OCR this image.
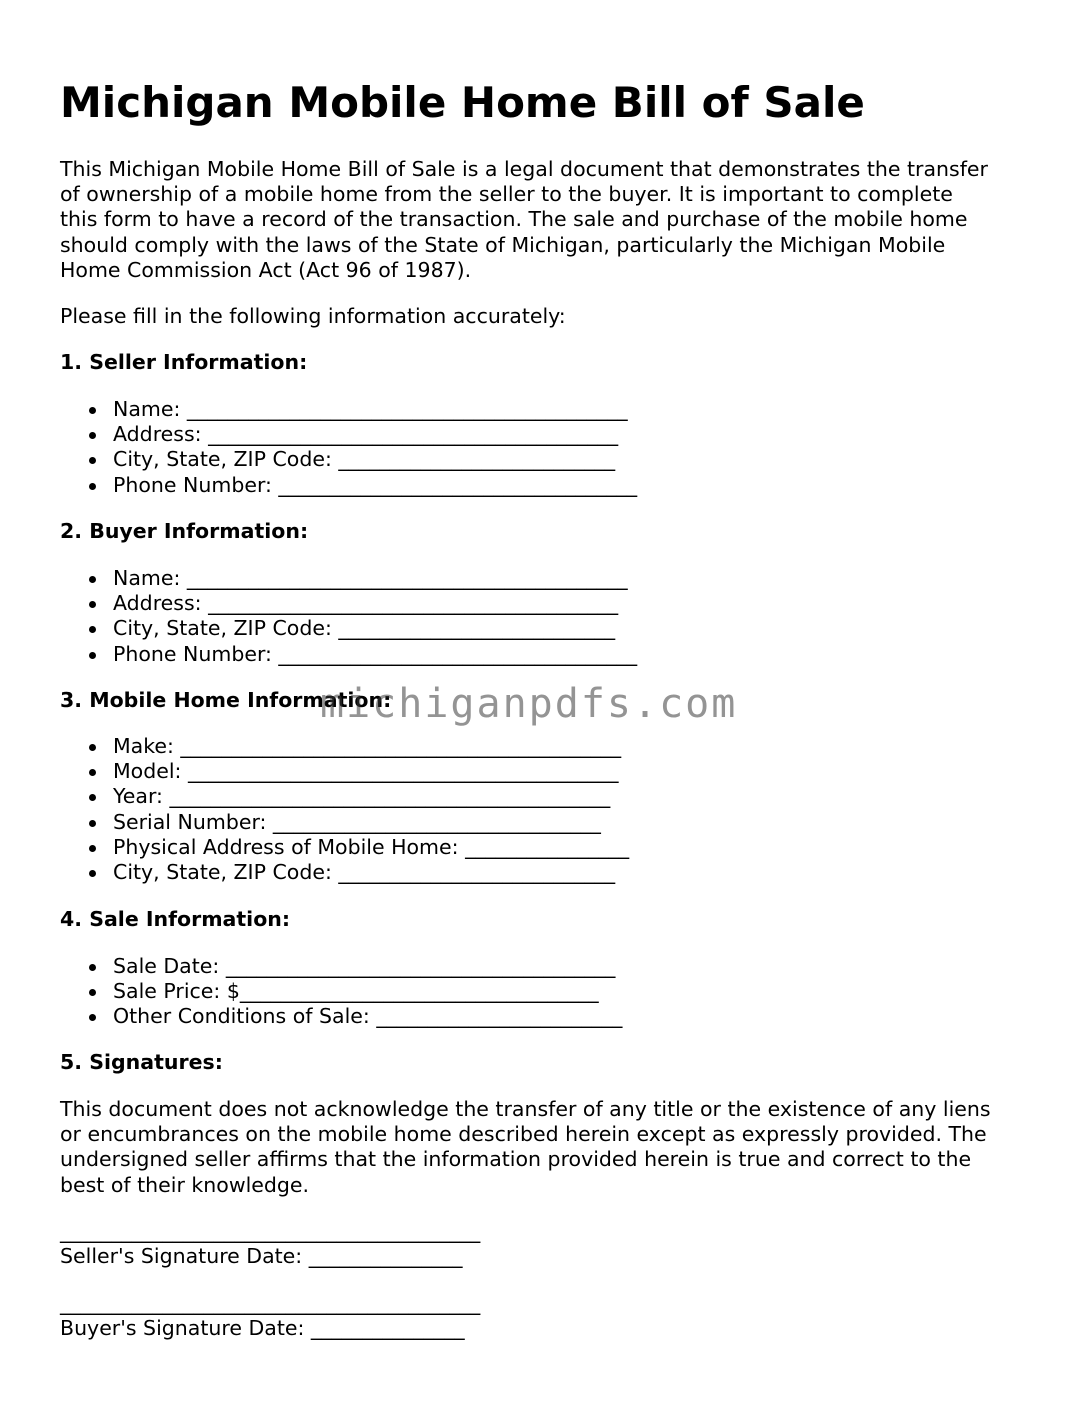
Michigan Mobile Home Bill of Sale
This Michigan Mobile Home Bill of Sale is a legal document that demonstrates the transfer
of ownership of a mobile home from the seller to the buyer. It is important to complete
this form to have a record of the transaction. The sale and purchase of the mobile home
should comply with the laws of the State of Michigan, particularly the Michigan Mobile
Home Commission Act (Act 96 of 1987).
Please fill in the following information accurately:
1. Seller Information:
Name: ___________________________________________
Address: ________________________________________
City, State, ZIP Code: ___________________________
Phone Number: ___________________________________
2. Buyer Information:
Name: ___________________________________________
Address: ________________________________________
City, State, ZIP Code: ___________________________
Phone Number: ___________________________________
3. Mobile Home Information:
Make: ___________________________________________
Model: __________________________________________
Year: ___________________________________________
Serial Number: ________________________________
Physical Address of Mobile Home: ________________
City, State, ZIP Code: ___________________________
4. Sale Information:
Sale Date: ______________________________________
Sale Price: $___________________________________
Other Conditions of Sale: ________________________
5. Signatures:
This document does not acknowledge the transfer of any title or the existence of any liens
or encumbrances on the mobile home described herein except as expressly provided. The
undersigned seller affirms that the information provided herein is true and correct to the
best of their knowledge.
_________________________________________
Seller's Signature Date: _______________
_________________________________________
Buyer's Signature Date: _______________
michiganpdfs.com
